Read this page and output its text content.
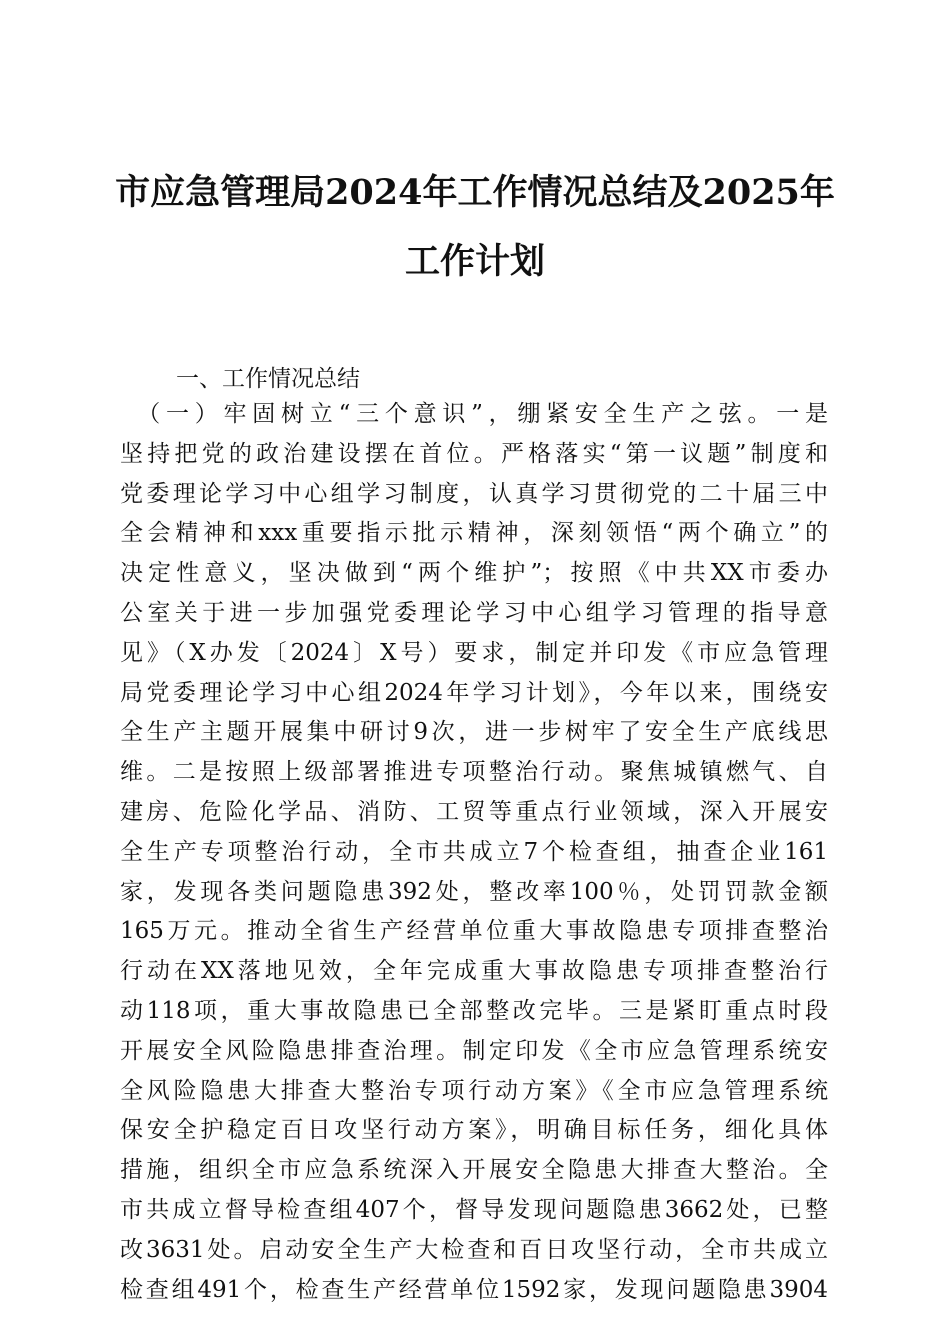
市应急管理局2024年工作情况总结及2025年
工作计划
一、工作情况总结
　（一）牢固树立“三个意识”，绷紧安全生产之弦。一是
坚持把党的政治建设摆在首位。严格落实“第一议题”制度和
党委理论学习中心组学习制度，认真学习贯彻党的二十届三中
全会精神和xxx重要指示批示精神，深刻领悟“两个确立”的
决定性意义，坚决做到“两个维护”；按照《中共XX市委办
公室关于进一步加强党委理论学习中心组学习管理的指导意
见》（X办发〔2024〕X号）要求，制定并印发《市应急管理
局党委理论学习中心组2024年学习计划》，今年以来，围绕安
全生产主题开展集中研讨9次，进一步树牢了安全生产底线思
维。二是按照上级部署推进专项整治行动。聚焦城镇燃气、自
建房、危险化学品、消防、工贸等重点行业领域，深入开展安
全生产专项整治行动，全市共成立7个检查组，抽查企业161
家，发现各类问题隐患392处，整改率100％，处罚罚款金额
165万元。推动全省生产经营单位重大事故隐患专项排查整治
行动在XX落地见效，全年完成重大事故隐患专项排查整治行
动118项，重大事故隐患已全部整改完毕。三是紧盯重点时段
开展安全风险隐患排查治理。制定印发《全市应急管理系统安
全风险隐患大排查大整治专项行动方案》《全市应急管理系统
保安全护稳定百日攻坚行动方案》，明确目标任务，细化具体
措施，组织全市应急系统深入开展安全隐患大排查大整治。全
市共成立督导检查组407个，督导发现问题隐患3662处，已整
改3631处。启动安全生产大检查和百日攻坚行动，全市共成立
检查组491个，检查生产经营单位1592家，发现问题隐患3904
